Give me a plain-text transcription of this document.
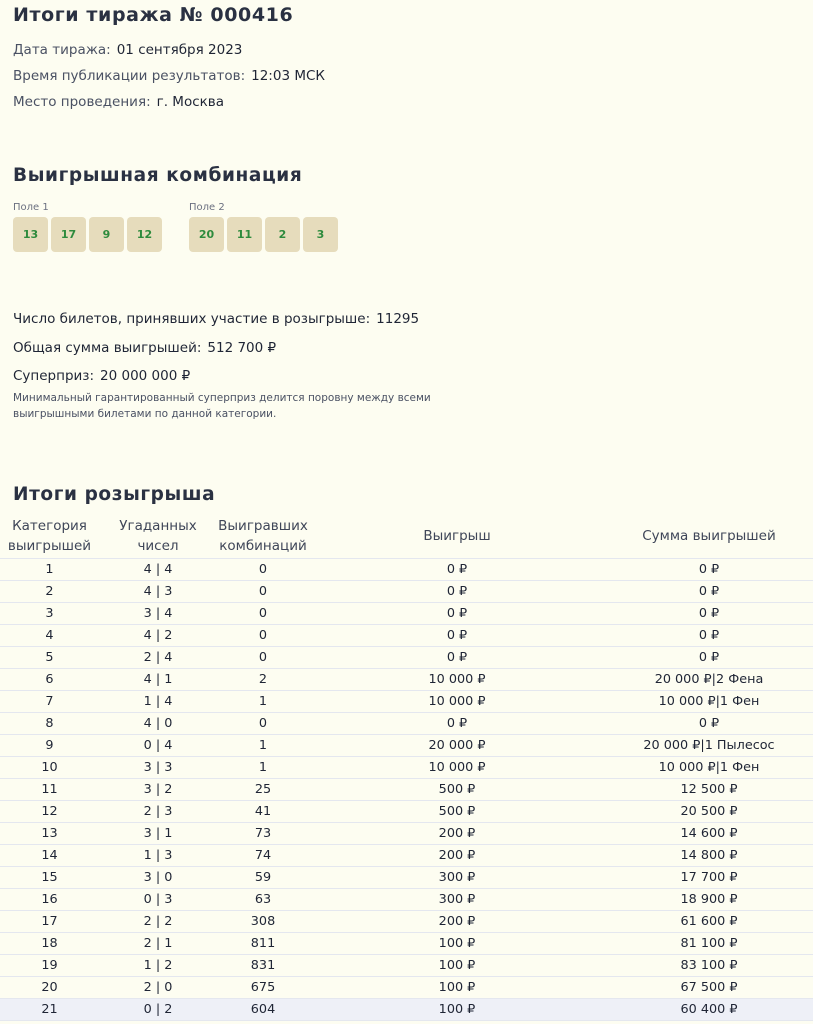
Итоги тиража № 000416
Дата тиража: 01 сентября 2023
Время публикации результатов: 12:03 МСК
Место проведения: г. Москва
Выигрышная комбинация
Поле 1
13	17	9	12
Поле 2
20	11	2	3
Число билетов, принявших участие в розыгрыше: 11295
Общая сумма выигрышей: 512 700 ₽
Суперприз: 20 000 000 ₽
Минимальный гарантированный суперприз делится поровну между всеми выигрышными билетами по данной категории.
Итоги розыгрыша
Категория выигрышей	Угаданных чисел	Выигравших комбинаций	Выигрыш	Сумма выигрышей
1	4 | 4	0	0 ₽	0 ₽
2	4 | 3	0	0 ₽	0 ₽
3	3 | 4	0	0 ₽	0 ₽
4	4 | 2	0	0 ₽	0 ₽
5	2 | 4	0	0 ₽	0 ₽
6	4 | 1	2	10 000 ₽	20 000 ₽|2 Фена
7	1 | 4	1	10 000 ₽	10 000 ₽|1 Фен
8	4 | 0	0	0 ₽	0 ₽
9	0 | 4	1	20 000 ₽	20 000 ₽|1 Пылесос
10	3 | 3	1	10 000 ₽	10 000 ₽|1 Фен
11	3 | 2	25	500 ₽	12 500 ₽
12	2 | 3	41	500 ₽	20 500 ₽
13	3 | 1	73	200 ₽	14 600 ₽
14	1 | 3	74	200 ₽	14 800 ₽
15	3 | 0	59	300 ₽	17 700 ₽
16	0 | 3	63	300 ₽	18 900 ₽
17	2 | 2	308	200 ₽	61 600 ₽
18	2 | 1	811	100 ₽	81 100 ₽
19	1 | 2	831	100 ₽	83 100 ₽
20	2 | 0	675	100 ₽	67 500 ₽
21	0 | 2	604	100 ₽	60 400 ₽
